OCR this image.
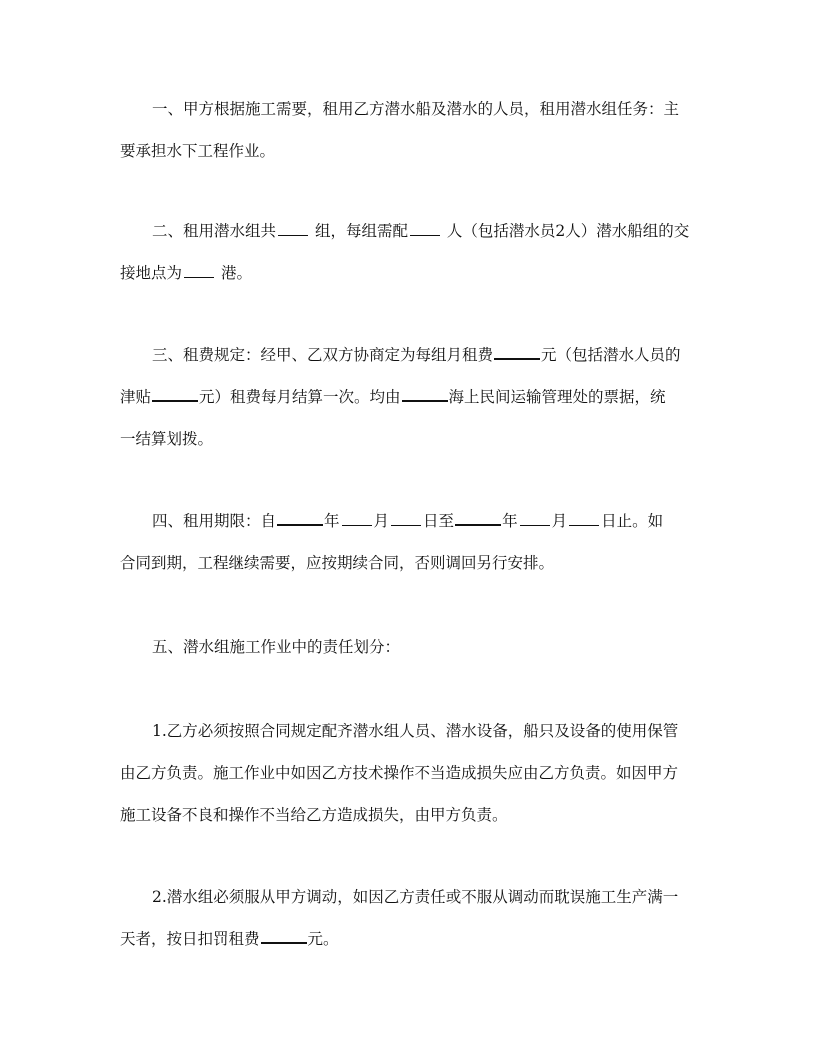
一、甲方根据施工需要，租用乙方潜水船及潜水的人员，租用潜水组任务：主
要承担水下工程作业。
二、租用潜水组共	组，每组需配	人（包括潜水员2人）潜水船组的交
接地点为	港。
三、租费规定：经甲、乙双方协商定为每组月租费	元（包括潜水人员的
津贴	元）租费每月结算一次。均由	海上民间运输管理处的票据，统
一结算划拨。
四、租用期限：自	年 月 日至	年 月 日止。如
合同到期，工程继续需要，应按期续合同，否则调回另行安排。
五、潜水组施工作业中的责任划分：
1.乙方必须按照合同规定配齐潜水组人员、潜水设备，船只及设备的使用保管
由乙方负责。施工作业中如因乙方技术操作不当造成损失应由乙方负责。如因甲方
施工设备不良和操作不当给乙方造成损失，由甲方负责。
2.潜水组必须服从甲方调动，如因乙方责任或不服从调动而耽误施工生产满一
天者，按日扣罚租费	元。
